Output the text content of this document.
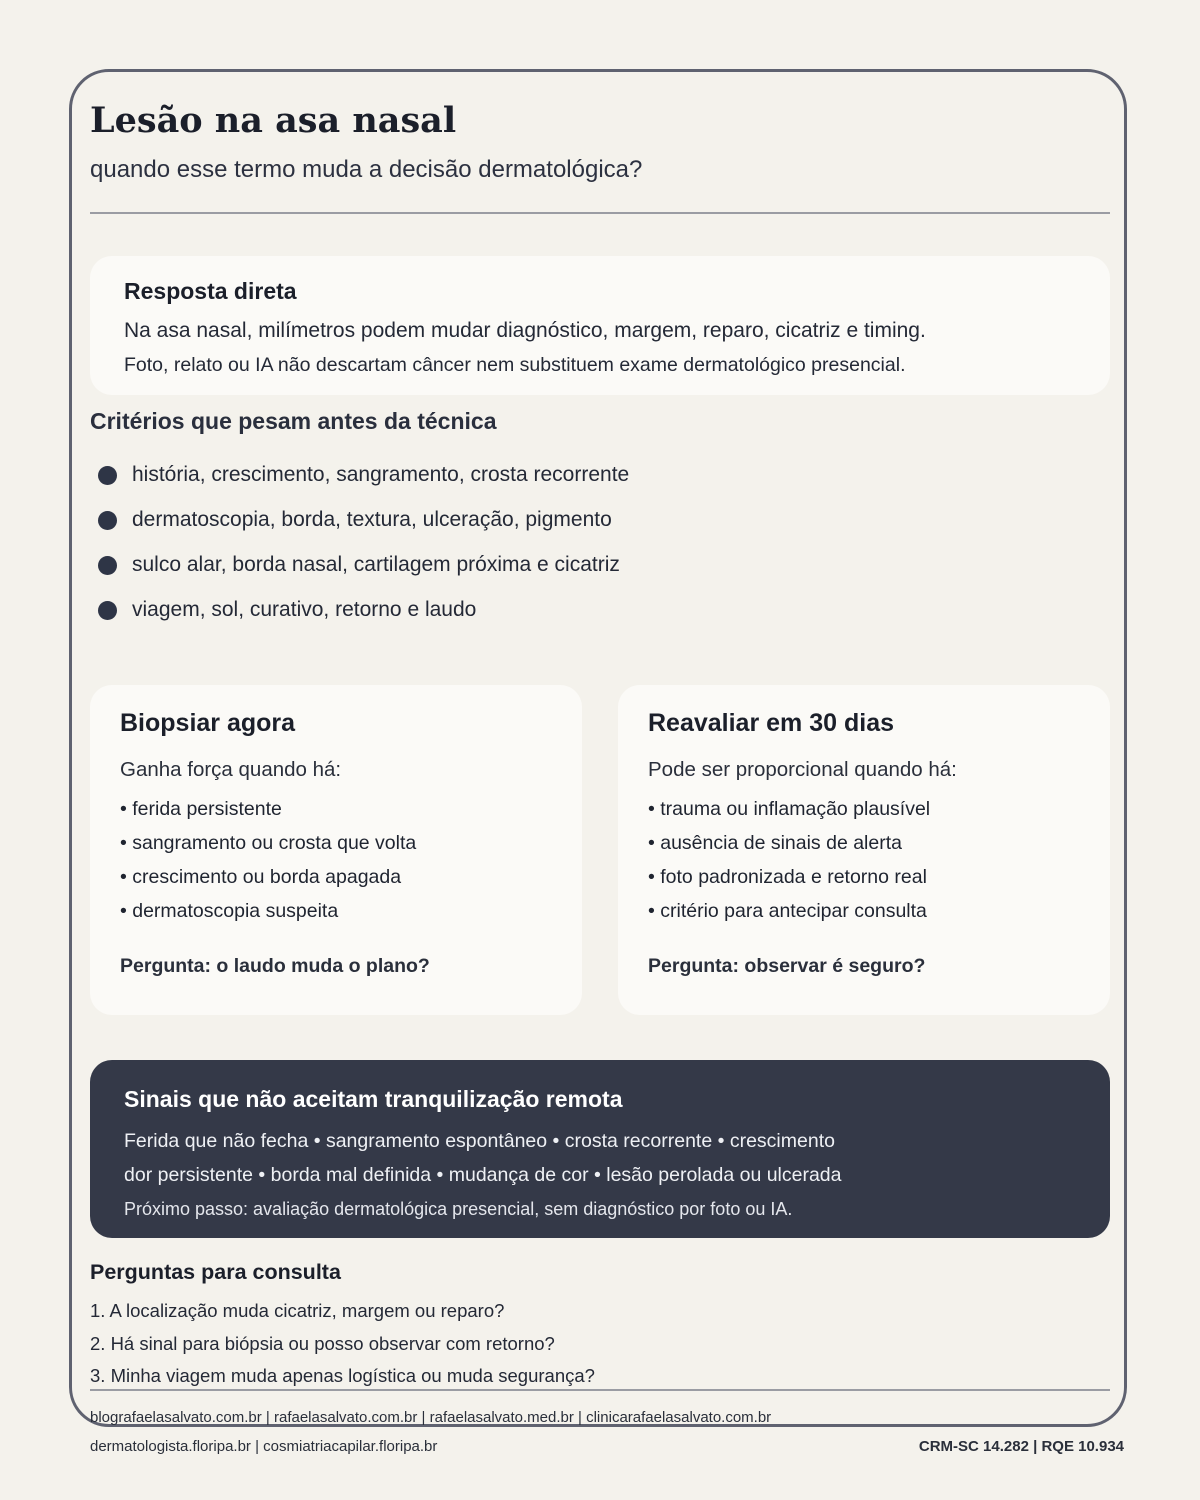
Lesão na asa nasal

quando esse termo muda a decisão dermatológica?

Resposta direta

Na asa nasal, milímetros podem mudar diagnóstico, margem, reparo, cicatriz e timing.

Foto, relato ou IA não descartam câncer nem substituem exame dermatológico presencial.

Critérios que pesam antes da técnica
história, crescimento, sangramento, crosta recorrente
dermatoscopia, borda, textura, ulceração, pigmento
sulco alar, borda nasal, cartilagem próxima e cicatriz
viagem, sol, curativo, retorno e laudo
Biopsiar agora

Ganha força quando há:

• ferida persistente

• sangramento ou crosta que volta

• crescimento ou borda apagada

• dermatoscopia suspeita

Pergunta: o laudo muda o plano?

Reavaliar em 30 dias

Pode ser proporcional quando há:

• trauma ou inflamação plausível

• ausência de sinais de alerta

• foto padronizada e retorno real

• critério para antecipar consulta

Pergunta: observar é seguro?

Sinais que não aceitam tranquilização remota

Ferida que não fecha • sangramento espontâneo • crosta recorrente • crescimento

dor persistente • borda mal definida • mudança de cor • lesão perolada ou ulcerada

Próximo passo: avaliação dermatológica presencial, sem diagnóstico por foto ou IA.

Perguntas para consulta

1. A localização muda cicatriz, margem ou reparo?

2. Há sinal para biópsia ou posso observar com retorno?

3. Minha viagem muda apenas logística ou muda segurança?

blografaelasalvato.com.br | rafaelasalvato.com.br | rafaelasalvato.med.br | clinicarafaelasalvato.com.br

dermatologista.floripa.br | cosmiatriacapilar.floripa.br	CRM-SC 14.282 | RQE 10.934
